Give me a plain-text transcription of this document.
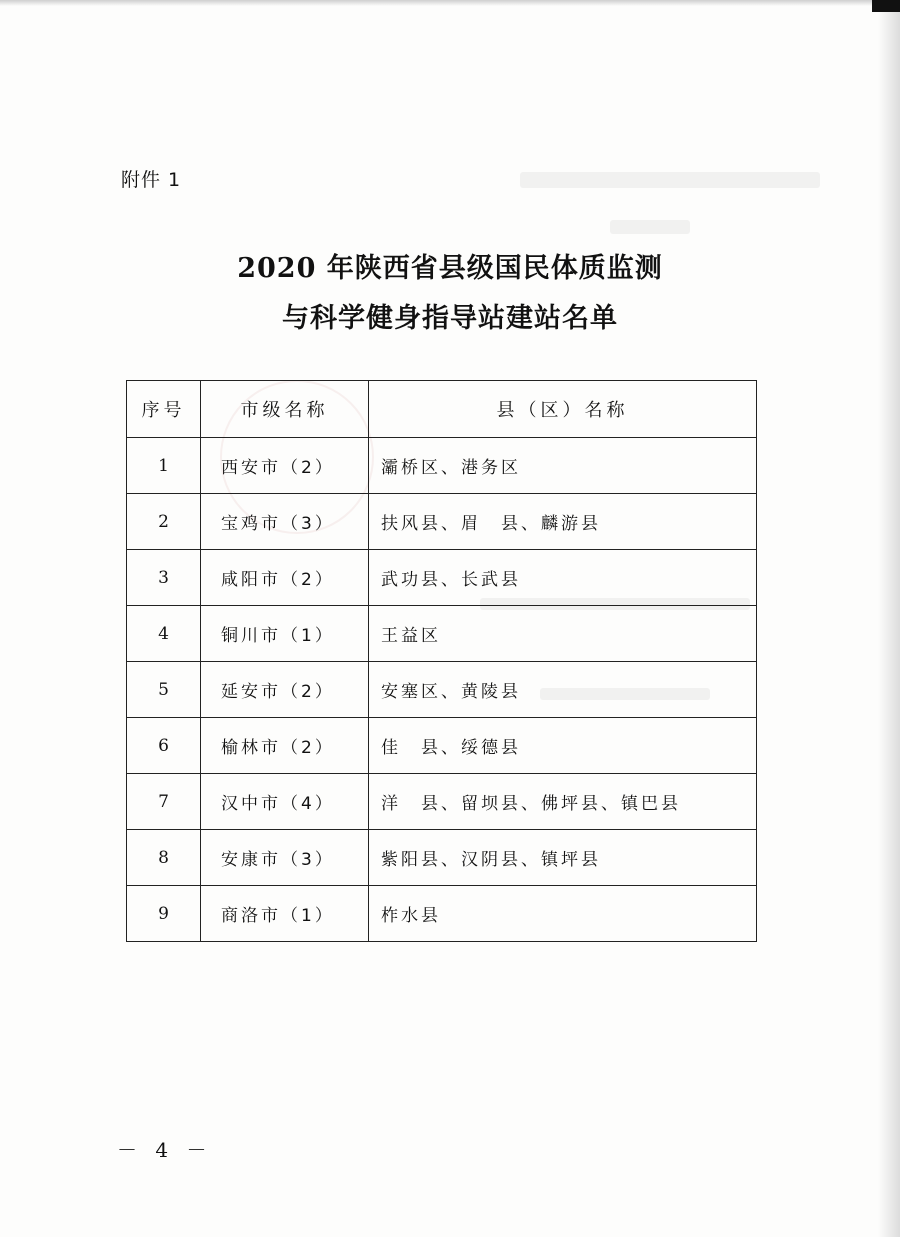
附件 1
2020 年陕西省县级国民体质监测
与科学健身指导站建站名单
序号	市级名称	县（区）名称
1	西安市（2）	灞桥区、港务区
2	宝鸡市（3）	扶风县、眉　县、麟游县
3	咸阳市（2）	武功县、长武县
4	铜川市（1）	王益区
5	延安市（2）	安塞区、黄陵县
6	榆林市（2）	佳　县、绥德县
7	汉中市（4）	洋　县、留坝县、佛坪县、镇巴县
8	安康市（3）	紫阳县、汉阴县、镇坪县
9	商洛市（1）	柞水县
－ 4 －
